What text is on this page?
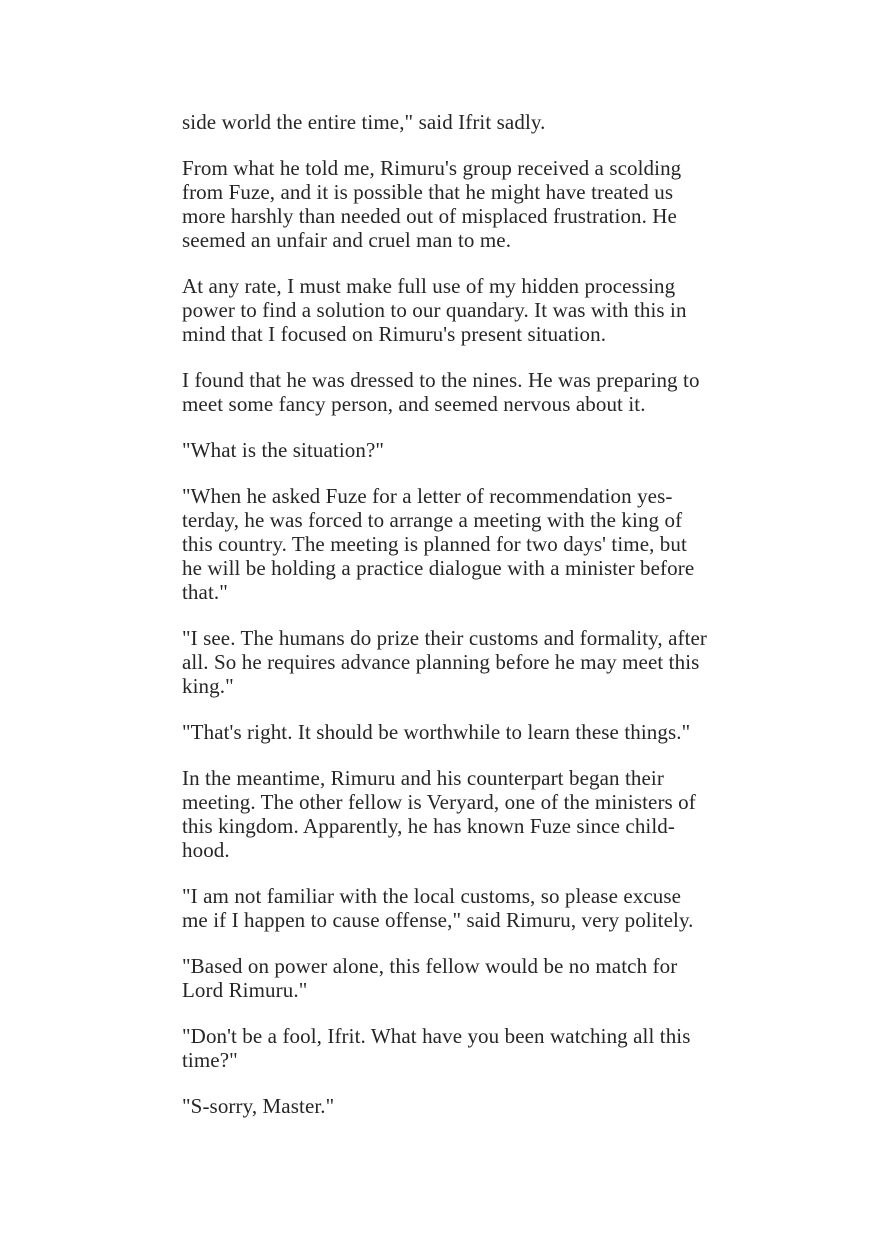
side world the entire time," said Ifrit sadly.
From what he told me, Rimuru's group received a scolding
from Fuze, and it is possible that he might have treated us
more harshly than needed out of misplaced frustration. He
seemed an unfair and cruel man to me.
At any rate, I must make full use of my hidden processing
power to find a solution to our quandary. It was with this in
mind that I focused on Rimuru's present situation.
I found that he was dressed to the nines. He was preparing to
meet some fancy person, and seemed nervous about it.
"What is the situation?"
"When he asked Fuze for a letter of recommendation yes-
terday, he was forced to arrange a meeting with the king of
this country. The meeting is planned for two days' time, but
he will be holding a practice dialogue with a minister before
that."
"I see. The humans do prize their customs and formality, after
all. So he requires advance planning before he may meet this
king."
"That's right. It should be worthwhile to learn these things."
In the meantime, Rimuru and his counterpart began their
meeting. The other fellow is Veryard, one of the ministers of
this kingdom. Apparently, he has known Fuze since child-
hood.
"I am not familiar with the local customs, so please excuse
me if I happen to cause offense," said Rimuru, very politely.
"Based on power alone, this fellow would be no match for
Lord Rimuru."
"Don't be a fool, Ifrit. What have you been watching all this
time?"
"S-sorry, Master."
